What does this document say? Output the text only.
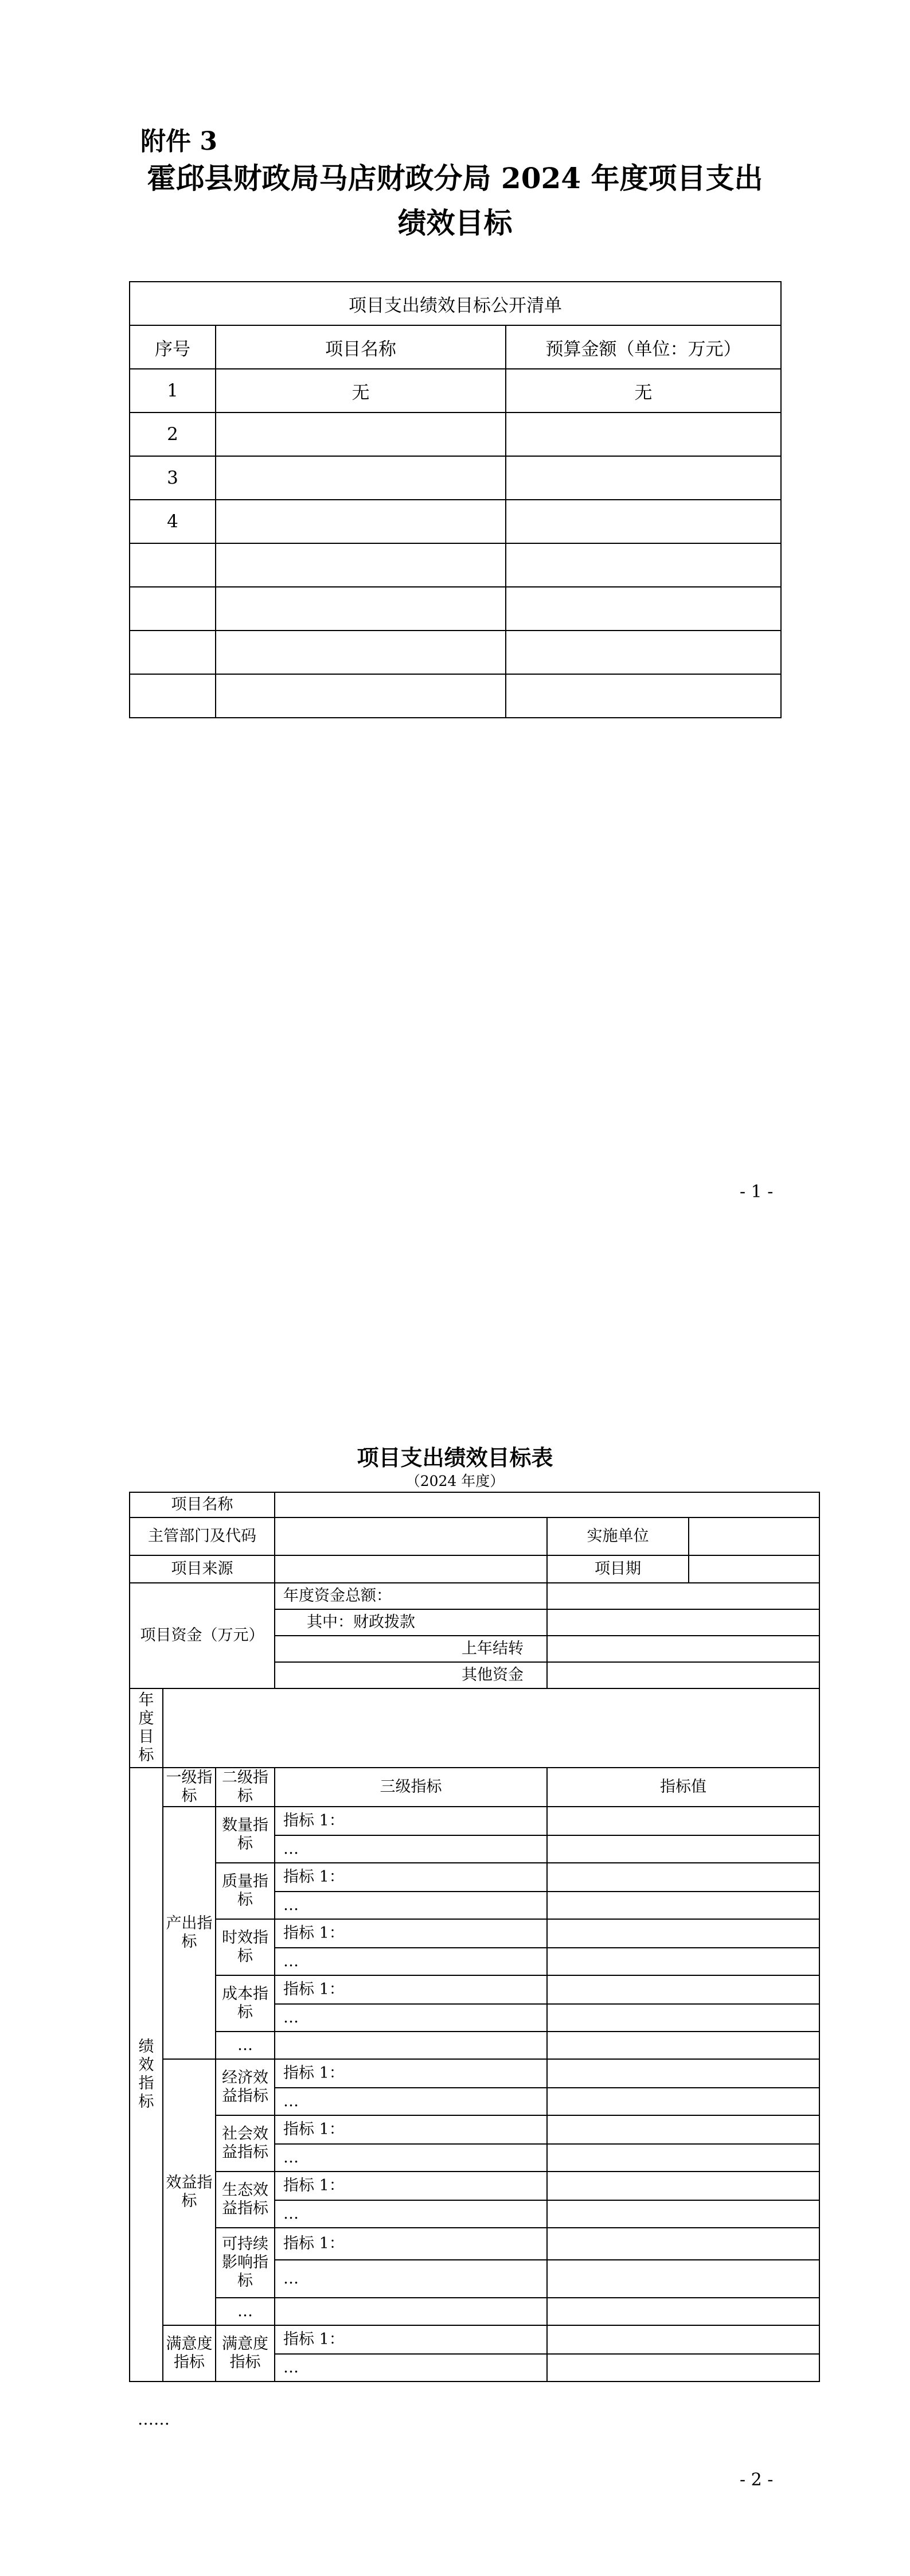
附件 3
霍邱县财政局马店财政分局 2024 年度项目支出
绩效目标
项目支出绩效目标公开清单		
序号	项目名称	预算金额（单位：万元）
1	无	无
2		
3		
4		

- 1 -
项目支出绩效目标表
（2024 年度）
项目名称					
主管部门及代码				实施单位	
项目来源				项目期	
项目资金（万元）			年度资金总额：		
			其中：财政拨款		
			上年结转		
			其他资金		
年度目标					
绩效指标	一级指标	二级指标	三级指标	指标值	
	产出指标	数量指标	指标 1：		
			…		
		质量指标	指标 1：		
			…		
		时效指标	指标 1：		
			…		
		成本指标	指标 1：		
			…		
		…			
	效益指标	经济效益指标	指标 1：		
			…		
		社会效益指标	指标 1：		
			…		
		生态效益指标	指标 1：		
			…		
		可持续影响指标	指标 1：		
			…		
		…			
	满意度指标	满意度指标	指标 1：		
			…		
……
- 2 -
